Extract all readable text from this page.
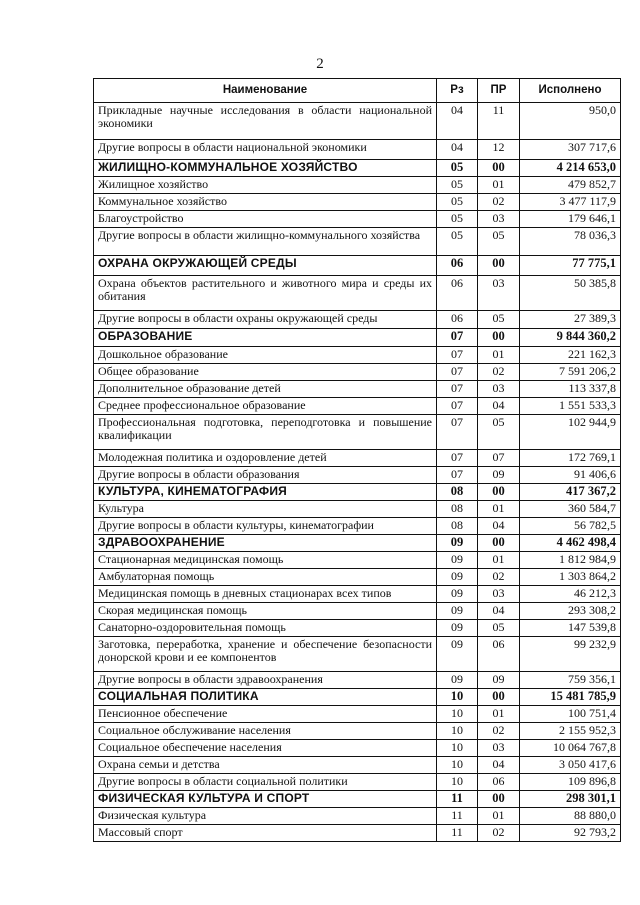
2
Наименование	Рз	ПР	Исполнено
Прикладные научные исследования в области национальной экономики	04	11	950,0
Другие вопросы в области национальной экономики	04	12	307 717,6
ЖИЛИЩНО-КОММУНАЛЬНОЕ ХОЗЯЙСТВО	05	00	4 214 653,0
Жилищное хозяйство	05	01	479 852,7
Коммунальное хозяйство	05	02	3 477 117,9
Благоустройство	05	03	179 646,1
Другие вопросы в области жилищно-коммунального хозяйства	05	05	78 036,3
ОХРАНА ОКРУЖАЮЩЕЙ СРЕДЫ	06	00	77 775,1
Охрана объектов растительного и животного мира и среды их обитания	06	03	50 385,8
Другие вопросы в области охраны окружающей среды	06	05	27 389,3
ОБРАЗОВАНИЕ	07	00	9 844 360,2
Дошкольное образование	07	01	221 162,3
Общее образование	07	02	7 591 206,2
Дополнительное образование детей	07	03	113 337,8
Среднее профессиональное образование	07	04	1 551 533,3
Профессиональная подготовка, переподготовка и повышение квалификации	07	05	102 944,9
Молодежная политика и оздоровление детей	07	07	172 769,1
Другие вопросы в области образования	07	09	91 406,6
КУЛЬТУРА, КИНЕМАТОГРАФИЯ	08	00	417 367,2
Культура	08	01	360 584,7
Другие вопросы в области культуры, кинематографии	08	04	56 782,5
ЗДРАВООХРАНЕНИЕ	09	00	4 462 498,4
Стационарная медицинская помощь	09	01	1 812 984,9
Амбулаторная помощь	09	02	1 303 864,2
Медицинская помощь в дневных стационарах всех типов	09	03	46 212,3
Скорая медицинская помощь	09	04	293 308,2
Санаторно-оздоровительная помощь	09	05	147 539,8
Заготовка, переработка, хранение и обеспечение безопасности донорской крови и ее компонентов	09	06	99 232,9
Другие вопросы в области здравоохранения	09	09	759 356,1
СОЦИАЛЬНАЯ ПОЛИТИКА	10	00	15 481 785,9
Пенсионное обеспечение	10	01	100 751,4
Социальное обслуживание населения	10	02	2 155 952,3
Социальное обеспечение населения	10	03	10 064 767,8
Охрана семьи и детства	10	04	3 050 417,6
Другие вопросы в области социальной политики	10	06	109 896,8
ФИЗИЧЕСКАЯ КУЛЬТУРА И СПОРТ	11	00	298 301,1
Физическая культура	11	01	88 880,0
Массовый спорт	11	02	92 793,2
